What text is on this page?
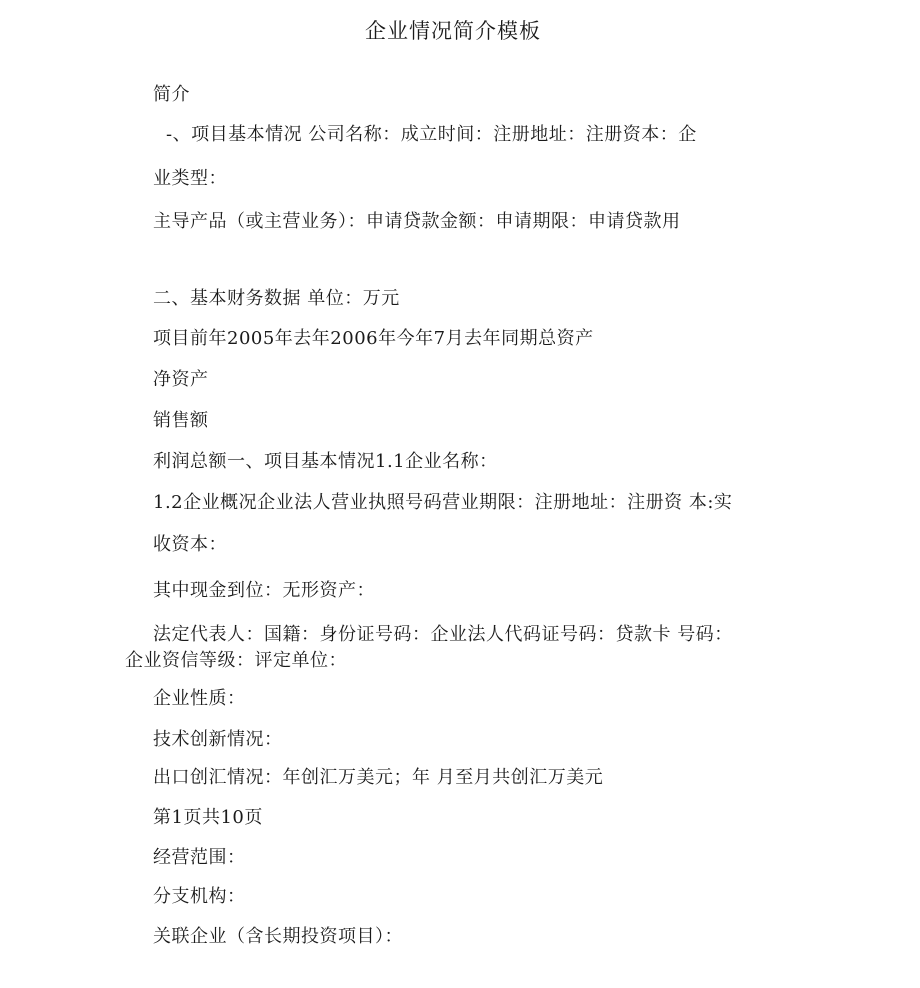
企业情况简介模板
简介
-、项目基本情况 公司名称：成立时间：注册地址：注册资本：企
业类型：
主导产品（或主营业务）：申请贷款金额：申请期限：申请贷款用
二、基本财务数据 单位：万元
项目前年2005年去年2006年今年7月去年同期总资产
净资产
销售额
利润总额一、项目基本情况1.1企业名称：
1.2企业概况企业法人营业执照号码营业期限：注册地址：注册资 本:实
收资本：
其中现金到位：无形资产：
法定代表人：国籍：身份证号码：企业法人代码证号码：贷款卡 号码：
企业资信等级：评定单位：
企业性质：
技术创新情况：
出口创汇情况：年创汇万美元；年 月至月共创汇万美元
第1页共10页
经营范围：
分支机构：
关联企业（含长期投资项目）：
